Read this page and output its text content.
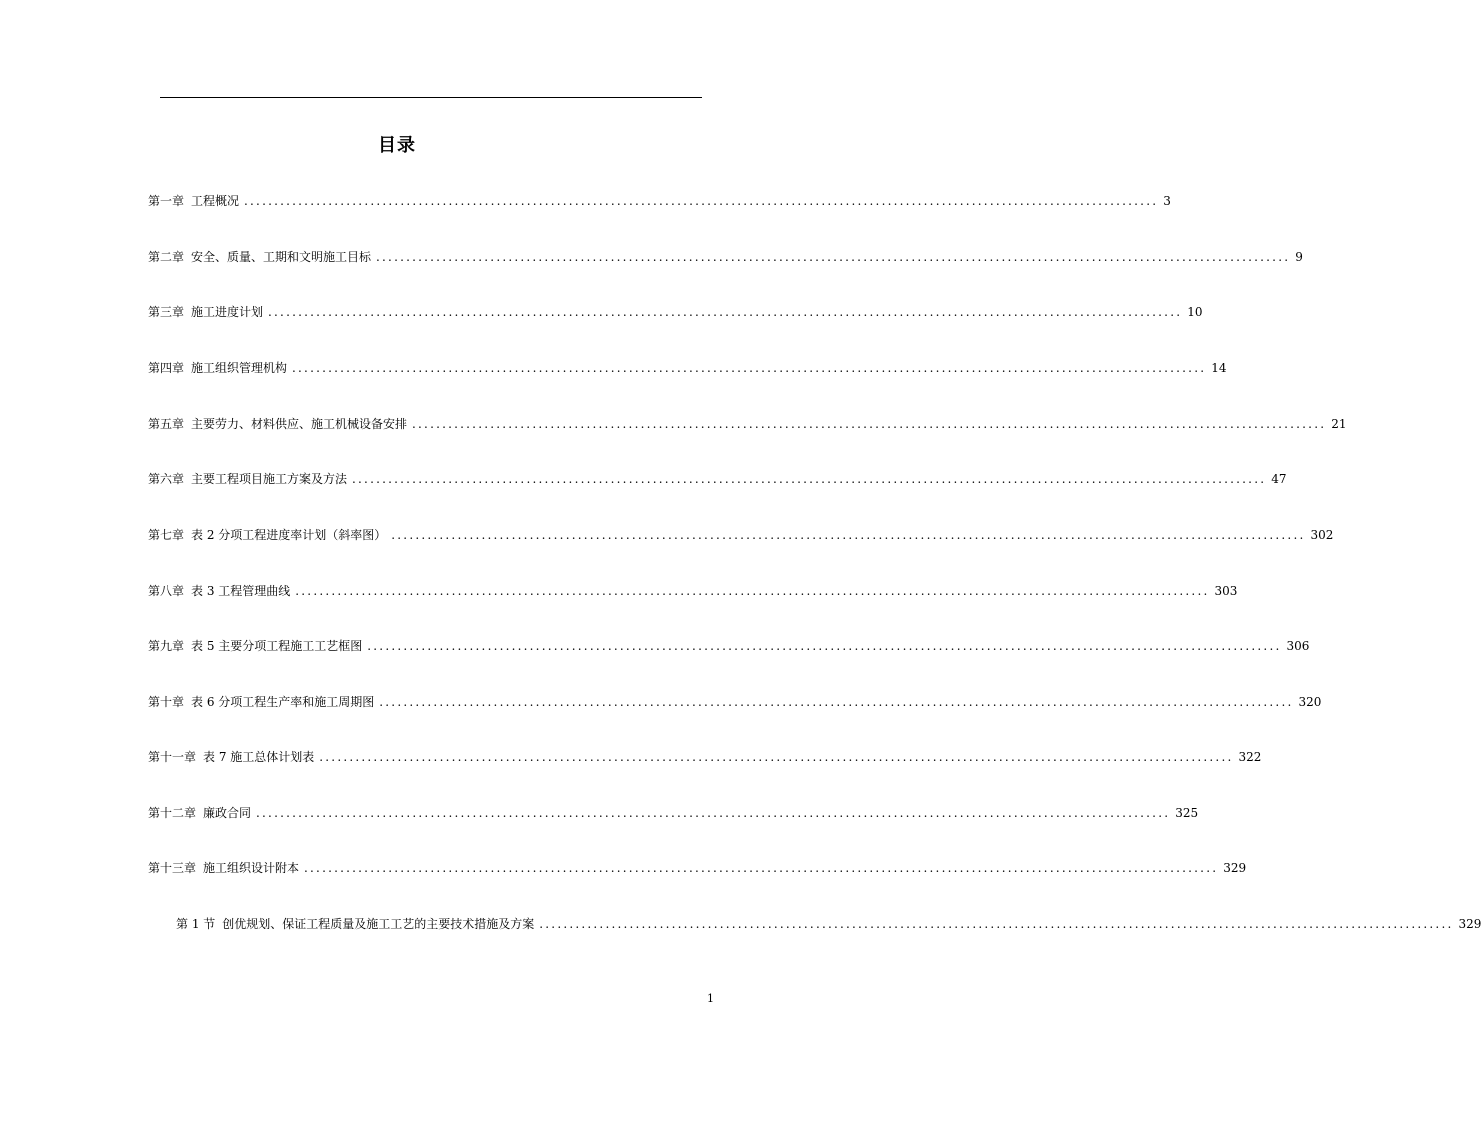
目录
第一章 工程概况 ........................................................................................................................................................ 3
第二章 安全、质量、工期和文明施工目标 ........................................................................................................................................................ 9
第三章 施工进度计划 ........................................................................................................................................................ 10
第四章 施工组织管理机构 ........................................................................................................................................................ 14
第五章 主要劳力、材料供应、施工机械设备安排 ........................................................................................................................................................ 21
第六章 主要工程项目施工方案及方法 ........................................................................................................................................................ 47
第七章 表 2 分项工程进度率计划（斜率图） ........................................................................................................................................................ 302
第八章 表 3 工程管理曲线 ........................................................................................................................................................ 303
第九章 表 5 主要分项工程施工工艺框图 ........................................................................................................................................................ 306
第十章 表 6 分项工程生产率和施工周期图 ........................................................................................................................................................ 320
第十一章 表 7 施工总体计划表 ........................................................................................................................................................ 322
第十二章 廉政合同 ........................................................................................................................................................ 325
第十三章 施工组织设计附本 ........................................................................................................................................................ 329
第 1 节 创优规划、保证工程质量及施工工艺的主要技术措施及方案 ........................................................................................................................................................ 329
1
